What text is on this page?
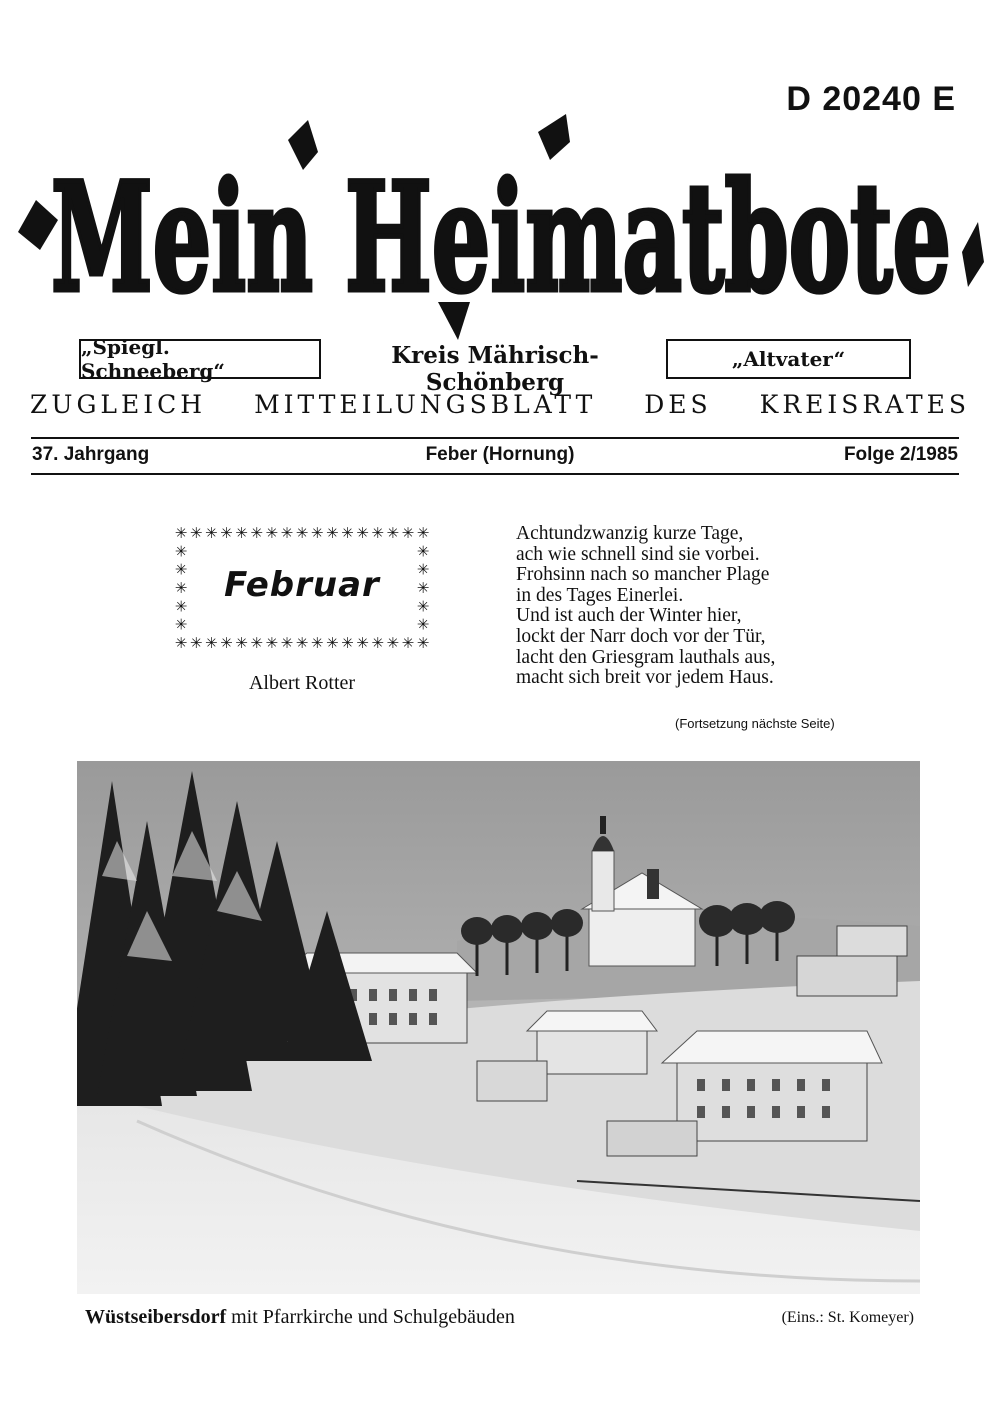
D 20240 E
Mein Heimatbote
„Spiegl. Schneeberg“
Kreis Mährisch-Schönberg
„Altvater“
ZUGLEICH MITTEILUNGSBLATT DES KREISRATES
37. Jahrgang	Feber (Hornung)	Folge 2/1985
✳
✳
✳
✳
✳
✳
✳
✳
✳
✳
✳
✳
✳
✳
✳
✳
✳
✳
✳
✳
✳
✳
✳
✳
✳
✳
✳
✳
✳
✳
✳
✳
✳
✳
✳	✳
✳	✳
✳	✳
✳	✳
✳	✳
Februar
Albert Rotter
Achtundzwanzig kurze Tage,
ach wie schnell sind sie vorbei.
Frohsinn nach so mancher Plage
in des Tages Einerlei.
Und ist auch der Winter hier,
lockt der Narr doch vor der Tür,
lacht den Griesgram lauthals aus,
macht sich breit vor jedem Haus.
(Fortsetzung nächste Seite)
Wüstseibersdorf mit Pfarrkirche und Schulgebäuden	(Eins.: St. Komeyer)
